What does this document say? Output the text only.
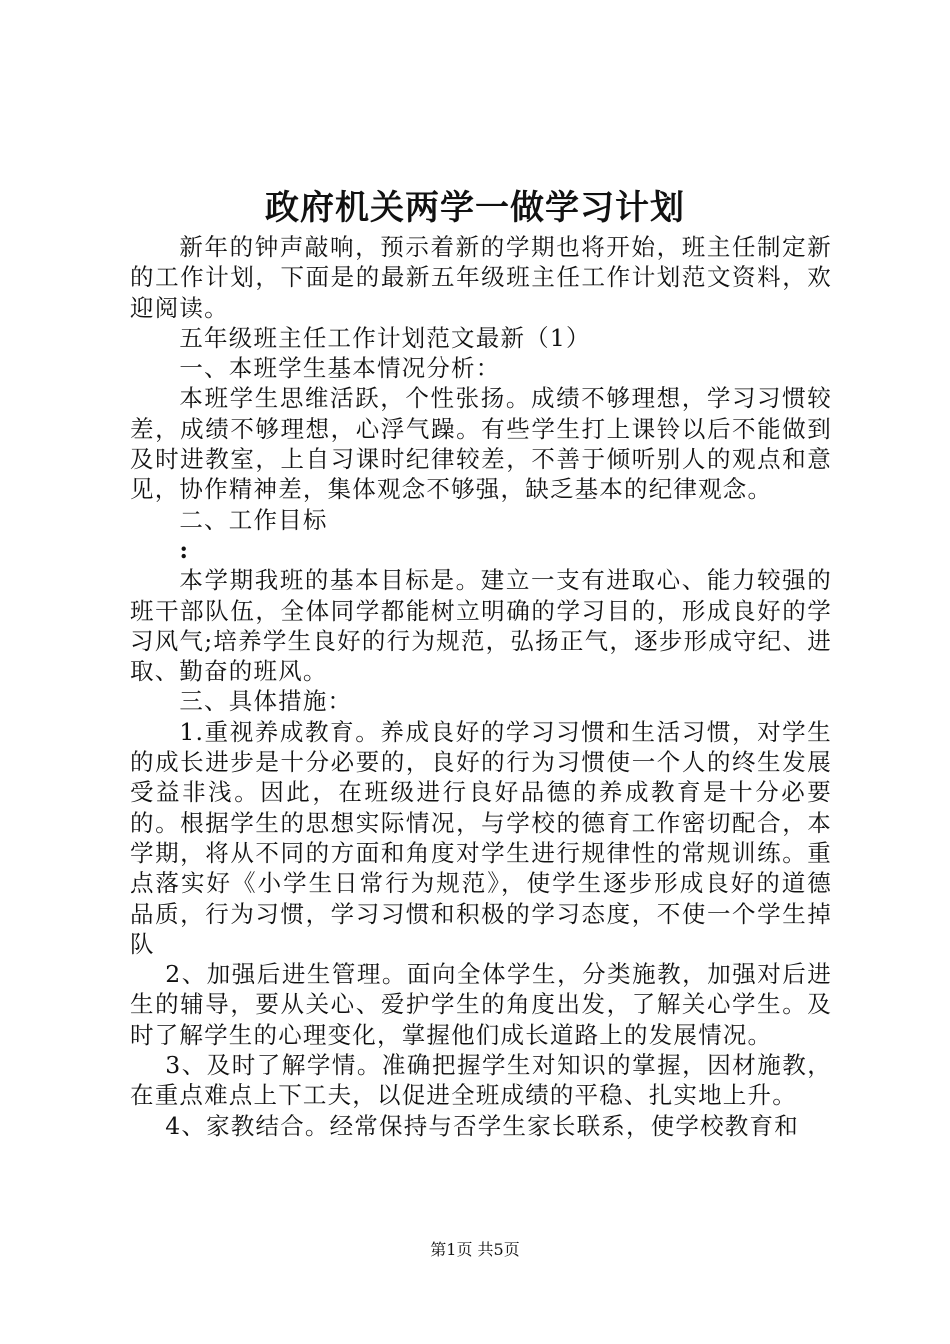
政府机关两学一做学习计划

新年的钟声敲响，预示着新的学期也将开始，班主任制定新的工作计划，下面是的最新五年级班主任工作计划范文资料，欢迎阅读。

五年级班主任工作计划范文最新（1）

一、本班学生基本情况分析：

本班学生思维活跃，个性张扬。成绩不够理想，学习习惯较差，成绩不够理想，心浮气躁。有些学生打上课铃以后不能做到及时进教室，上自习课时纪律较差，不善于倾听别人的观点和意见，协作精神差，集体观念不够强，缺乏基本的纪律观念。

二、工作目标

:

本学期我班的基本目标是。建立一支有进取心、能力较强的班干部队伍，全体同学都能树立明确的学习目的，形成良好的学习风气;培养学生良好的行为规范，弘扬正气，逐步形成守纪、进取、勤奋的班风。

三、具体措施：

1.重视养成教育。养成良好的学习习惯和生活习惯，对学生的成长进步是十分必要的，良好的行为习惯使一个人的终生发展受益非浅。因此，在班级进行良好品德的养成教育是十分必要的。根据学生的思想实际情况，与学校的德育工作密切配合，本学期，将从不同的方面和角度对学生进行规律性的常规训练。重点落实好《小学生日常行为规范》，使学生逐步形成良好的道德品质，行为习惯，学习习惯和积极的学习态度，不使一个学生掉队

2、加强后进生管理。面向全体学生，分类施教，加强对后进生的辅导，要从关心、爱护学生的角度出发，了解关心学生。及时了解学生的心理变化，掌握他们成长道路上的发展情况。

3、及时了解学情。准确把握学生对知识的掌握，因材施教，在重点难点上下工夫，以促进全班成绩的平稳、扎实地上升。

4、家教结合。经常保持与否学生家长联系，使学校教育和

第1页 共5页
